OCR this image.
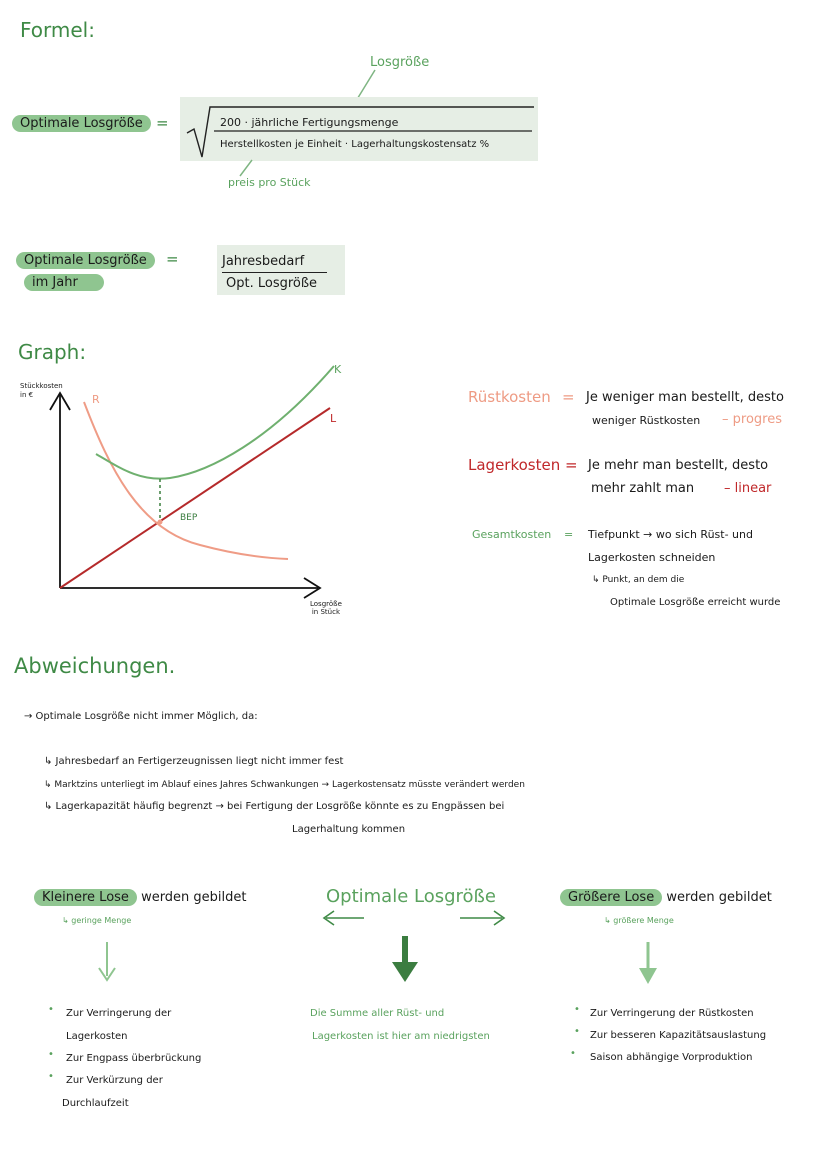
Formel:
Losgröße
Optimale Losgröße =	200 · jährliche Fertigungsmenge
Herstellkosten je Einheit · Lagerhaltungskostensatz %
preis pro Stück
Optimale Losgröße
im Jahr
=	Jahresbedarf
Opt. Losgröße
Graph:
Stückkosten in €	R
K
L
BEP
Losgröße
in Stück
Rüstkosten = Je weniger man bestellt, desto
weniger Rüstkosten – progres
Lagerkosten = Je mehr man bestellt, desto
mehr zahlt man – linear
Gesamtkosten = Tiefpunkt → wo sich Rüst- und
Lagerkosten schneiden
↳ Punkt, an dem die
Optimale Losgröße erreicht wurde
Abweichungen.
→ Optimale Losgröße nicht immer Möglich, da:
↳ Jahresbedarf an Fertigerzeugnissen liegt nicht immer fest
↳ Marktzins unterliegt im Ablauf eines Jahres Schwankungen → Lagerkostensatz müsste verändert werden
↳ Lagerkapazität häufig begrenzt → bei Fertigung der Losgröße könnte es zu Engpässen bei
Lagerhaltung kommen
Kleinere Lose werden gebildet
↳ geringe Menge
Optimale Losgröße	Größere Lose werden gebildet
↳ größere Menge
• Zur Verringerung der
Lagerkosten
• Zur Engpass überbrückung
• Zur Verkürzung der
Durchlaufzeit
Die Summe aller Rüst- und
Lagerkosten ist hier am niedrigsten
• Zur Verringerung der Rüstkosten
• Zur besseren Kapazitätsauslastung
• Saison abhängige Vorproduktion
